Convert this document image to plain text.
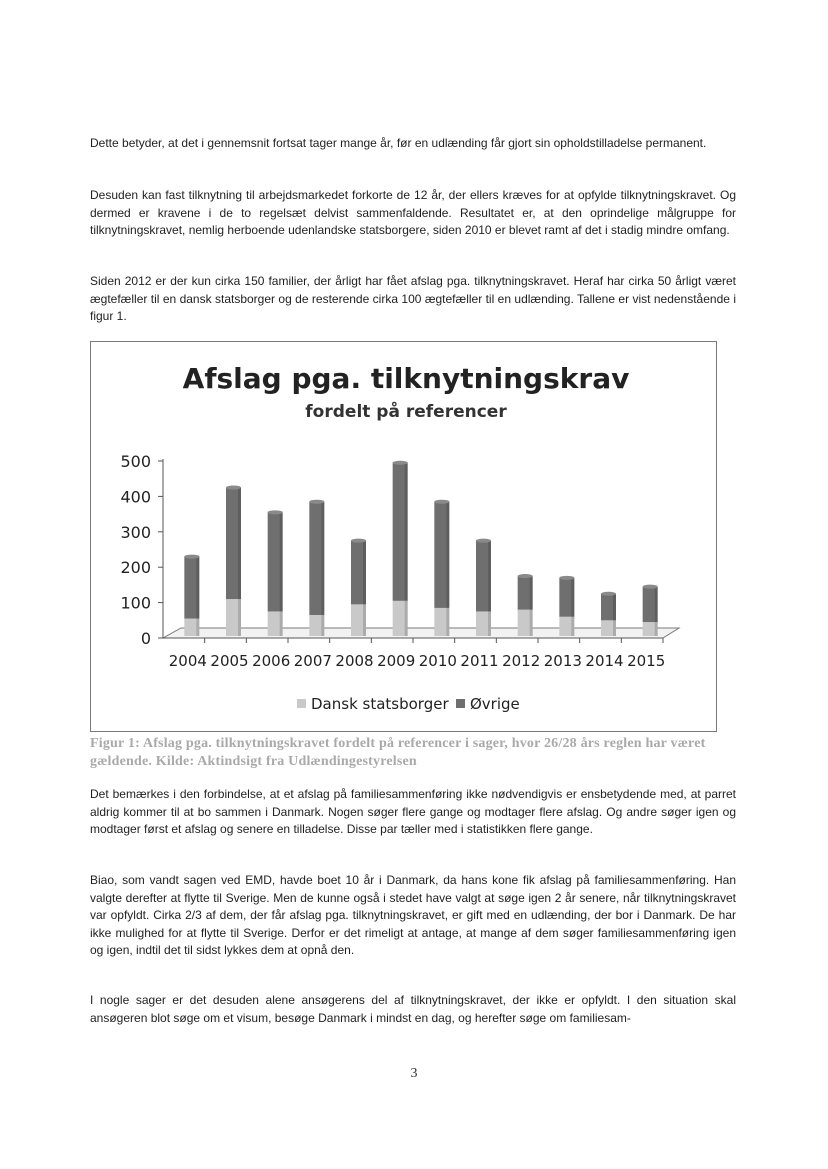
Dette betyder, at det i gennemsnit fortsat tager mange år, før en udlænding får gjort sin opholdstilladelse permanent.

Desuden kan fast tilknytning til arbejdsmarkedet forkorte de 12 år, der ellers kræves for at opfylde tilknytningskravet. Og dermed er kravene i de to regelsæt delvist sammenfaldende. Resultatet er, at den oprindelige målgruppe for tilknytningskravet, nemlig herboende udenlandske statsborgere, siden 2010 er blevet ramt af det i stadig mindre omfang.

Siden 2012 er der kun cirka 150 familier, der årligt har fået afslag pga. tilknytningskravet. Heraf har cirka 50 årligt været ægtefæller til en dansk statsborger og de resterende cirka 100 ægtefæller til en udlænding. Tallene er vist nedenstående i figur 1.

Afslag pga. tilknytningskrav
fordelt på referencer
0
100
200
300
400
500
2004 2005 2006 2007 2008 2009 2010 2011 2012 2013 2014 2015
Dansk statsborger Øvrige

Figur 1: Afslag pga. tilknytningskravet fordelt på referencer i sager, hvor 26/28 års reglen har været gældende. Kilde: Aktindsigt fra Udlændingestyrelsen

Det bemærkes i den forbindelse, at et afslag på familiesammenføring ikke nødvendigvis er ensbetydende med, at parret aldrig kommer til at bo sammen i Danmark. Nogen søger flere gange og modtager flere afslag. Og andre søger igen og modtager først et afslag og senere en tilladelse. Disse par tæller med i statistikken flere gange.

Biao, som vandt sagen ved EMD, havde boet 10 år i Danmark, da hans kone fik afslag på familiesammenføring. Han valgte derefter at flytte til Sverige. Men de kunne også i stedet have valgt at søge igen 2 år senere, når tilknytningskravet var opfyldt. Cirka 2/3 af dem, der får afslag pga. tilknytningskravet, er gift med en udlænding, der bor i Danmark. De har ikke mulighed for at flytte til Sverige. Derfor er det rimeligt at antage, at mange af dem søger familiesammenføring igen og igen, indtil det til sidst lykkes dem at opnå den.

I nogle sager er det desuden alene ansøgerens del af tilknytningskravet, der ikke er opfyldt. I den situation skal ansøgeren blot søge om et visum, besøge Danmark i mindst en dag, og herefter søge om familiesam-

3
